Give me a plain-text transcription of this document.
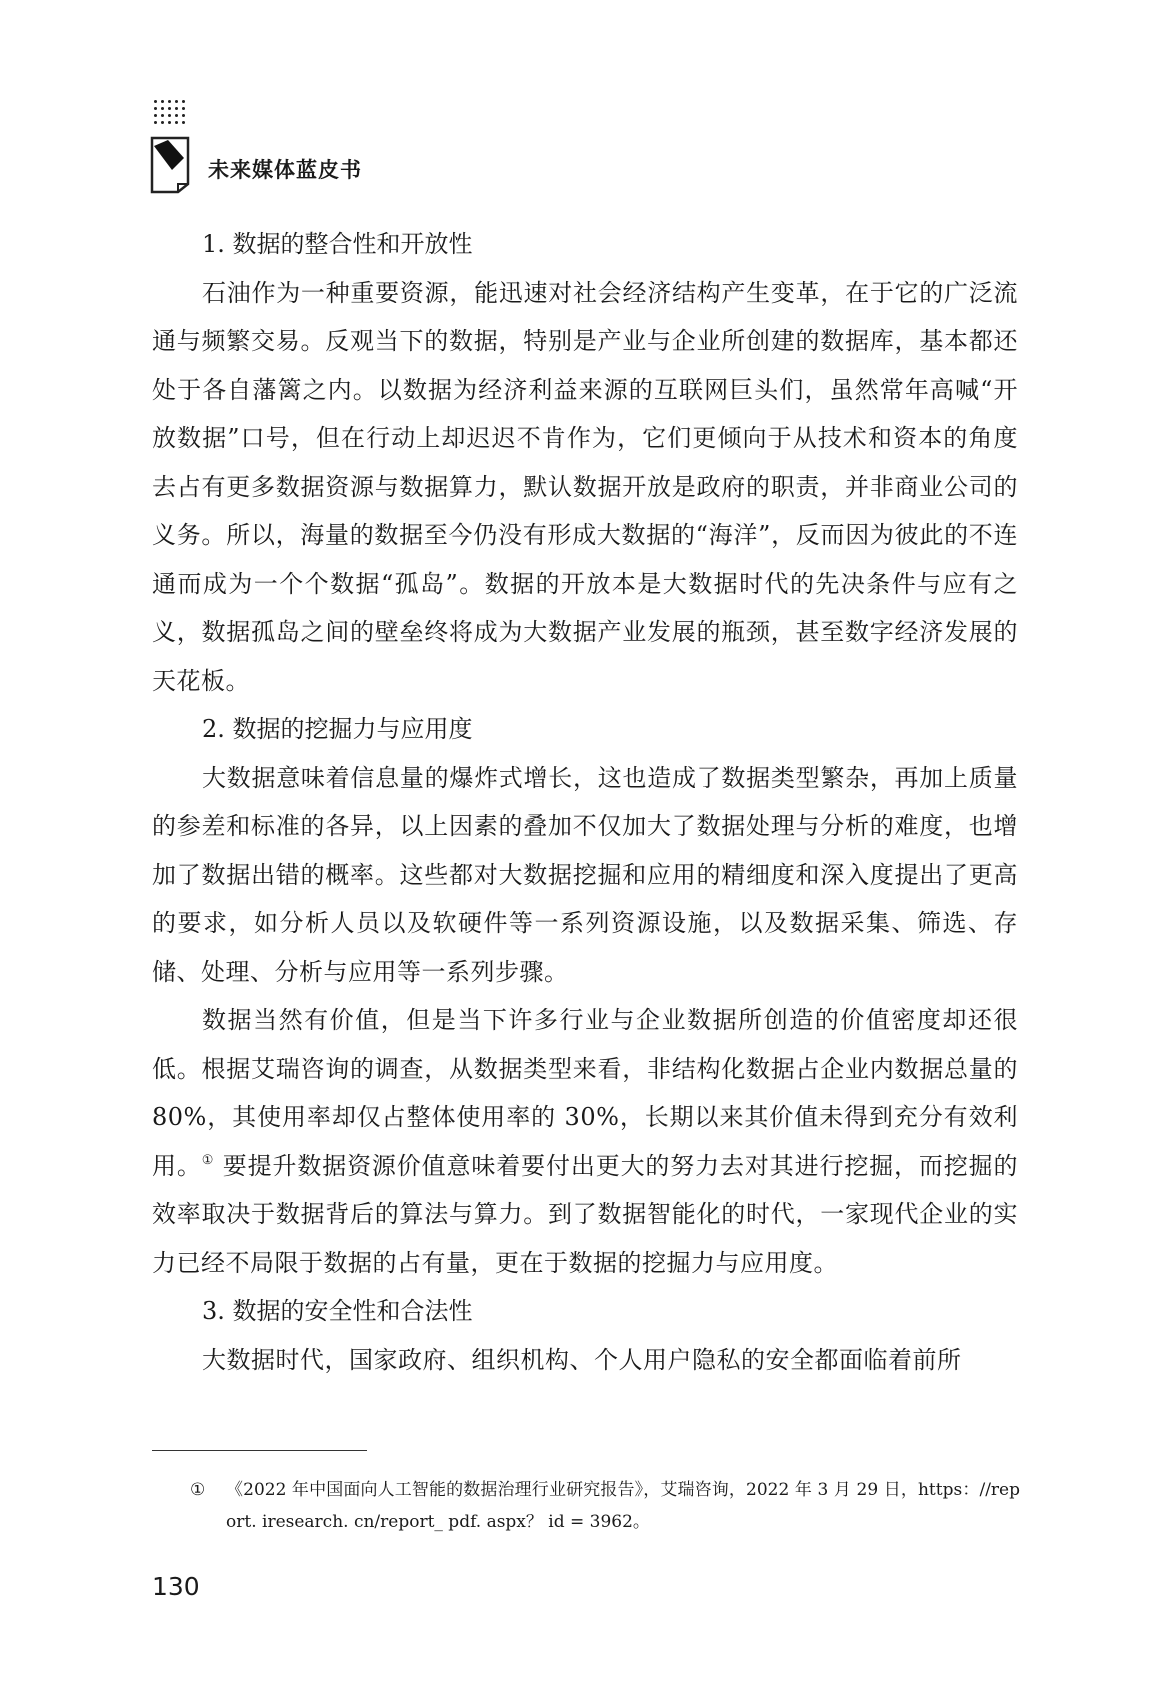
未来媒体蓝皮书

1. 数据的整合性和开放性

石油作为一种重要资源，能迅速对社会经济结构产生变革，在于它的广泛流通与频繁交易。反观当下的数据，特别是产业与企业所创建的数据库，基本都还处于各自藩篱之内。以数据为经济利益来源的互联网巨头们，虽然常年高喊“开放数据”口号，但在行动上却迟迟不肯作为，它们更倾向于从技术和资本的角度去占有更多数据资源与数据算力，默认数据开放是政府的职责，并非商业公司的义务。所以，海量的数据至今仍没有形成大数据的“海洋”，反而因为彼此的不连通而成为一个个数据“孤岛”。数据的开放本是大数据时代的先决条件与应有之义，数据孤岛之间的壁垒终将成为大数据产业发展的瓶颈，甚至数字经济发展的天花板。

2. 数据的挖掘力与应用度

大数据意味着信息量的爆炸式增长，这也造成了数据类型繁杂，再加上质量的参差和标准的各异，以上因素的叠加不仅加大了数据处理与分析的难度，也增加了数据出错的概率。这些都对大数据挖掘和应用的精细度和深入度提出了更高的要求，如分析人员以及软硬件等一系列资源设施，以及数据采集、筛选、存储、处理、分析与应用等一系列步骤。

数据当然有价值，但是当下许多行业与企业数据所创造的价值密度却还很低。根据艾瑞咨询的调查，从数据类型来看，非结构化数据占企业内数据总量的 80%，其使用率却仅占整体使用率的 30%，长期以来其价值未得到充分有效利用。① 要提升数据资源价值意味着要付出更大的努力去对其进行挖掘，而挖掘的效率取决于数据背后的算法与算力。到了数据智能化的时代，一家现代企业的实力已经不局限于数据的占有量，更在于数据的挖掘力与应用度。

3. 数据的安全性和合法性

大数据时代，国家政府、组织机构、个人用户隐私的安全都面临着前所

① 《2022 年中国面向人工智能的数据治理行业研究报告》，艾瑞咨询，2022 年 3 月 29 日，https：//report. iresearch. cn/report_ pdf. aspx？ id = 3962。
130
